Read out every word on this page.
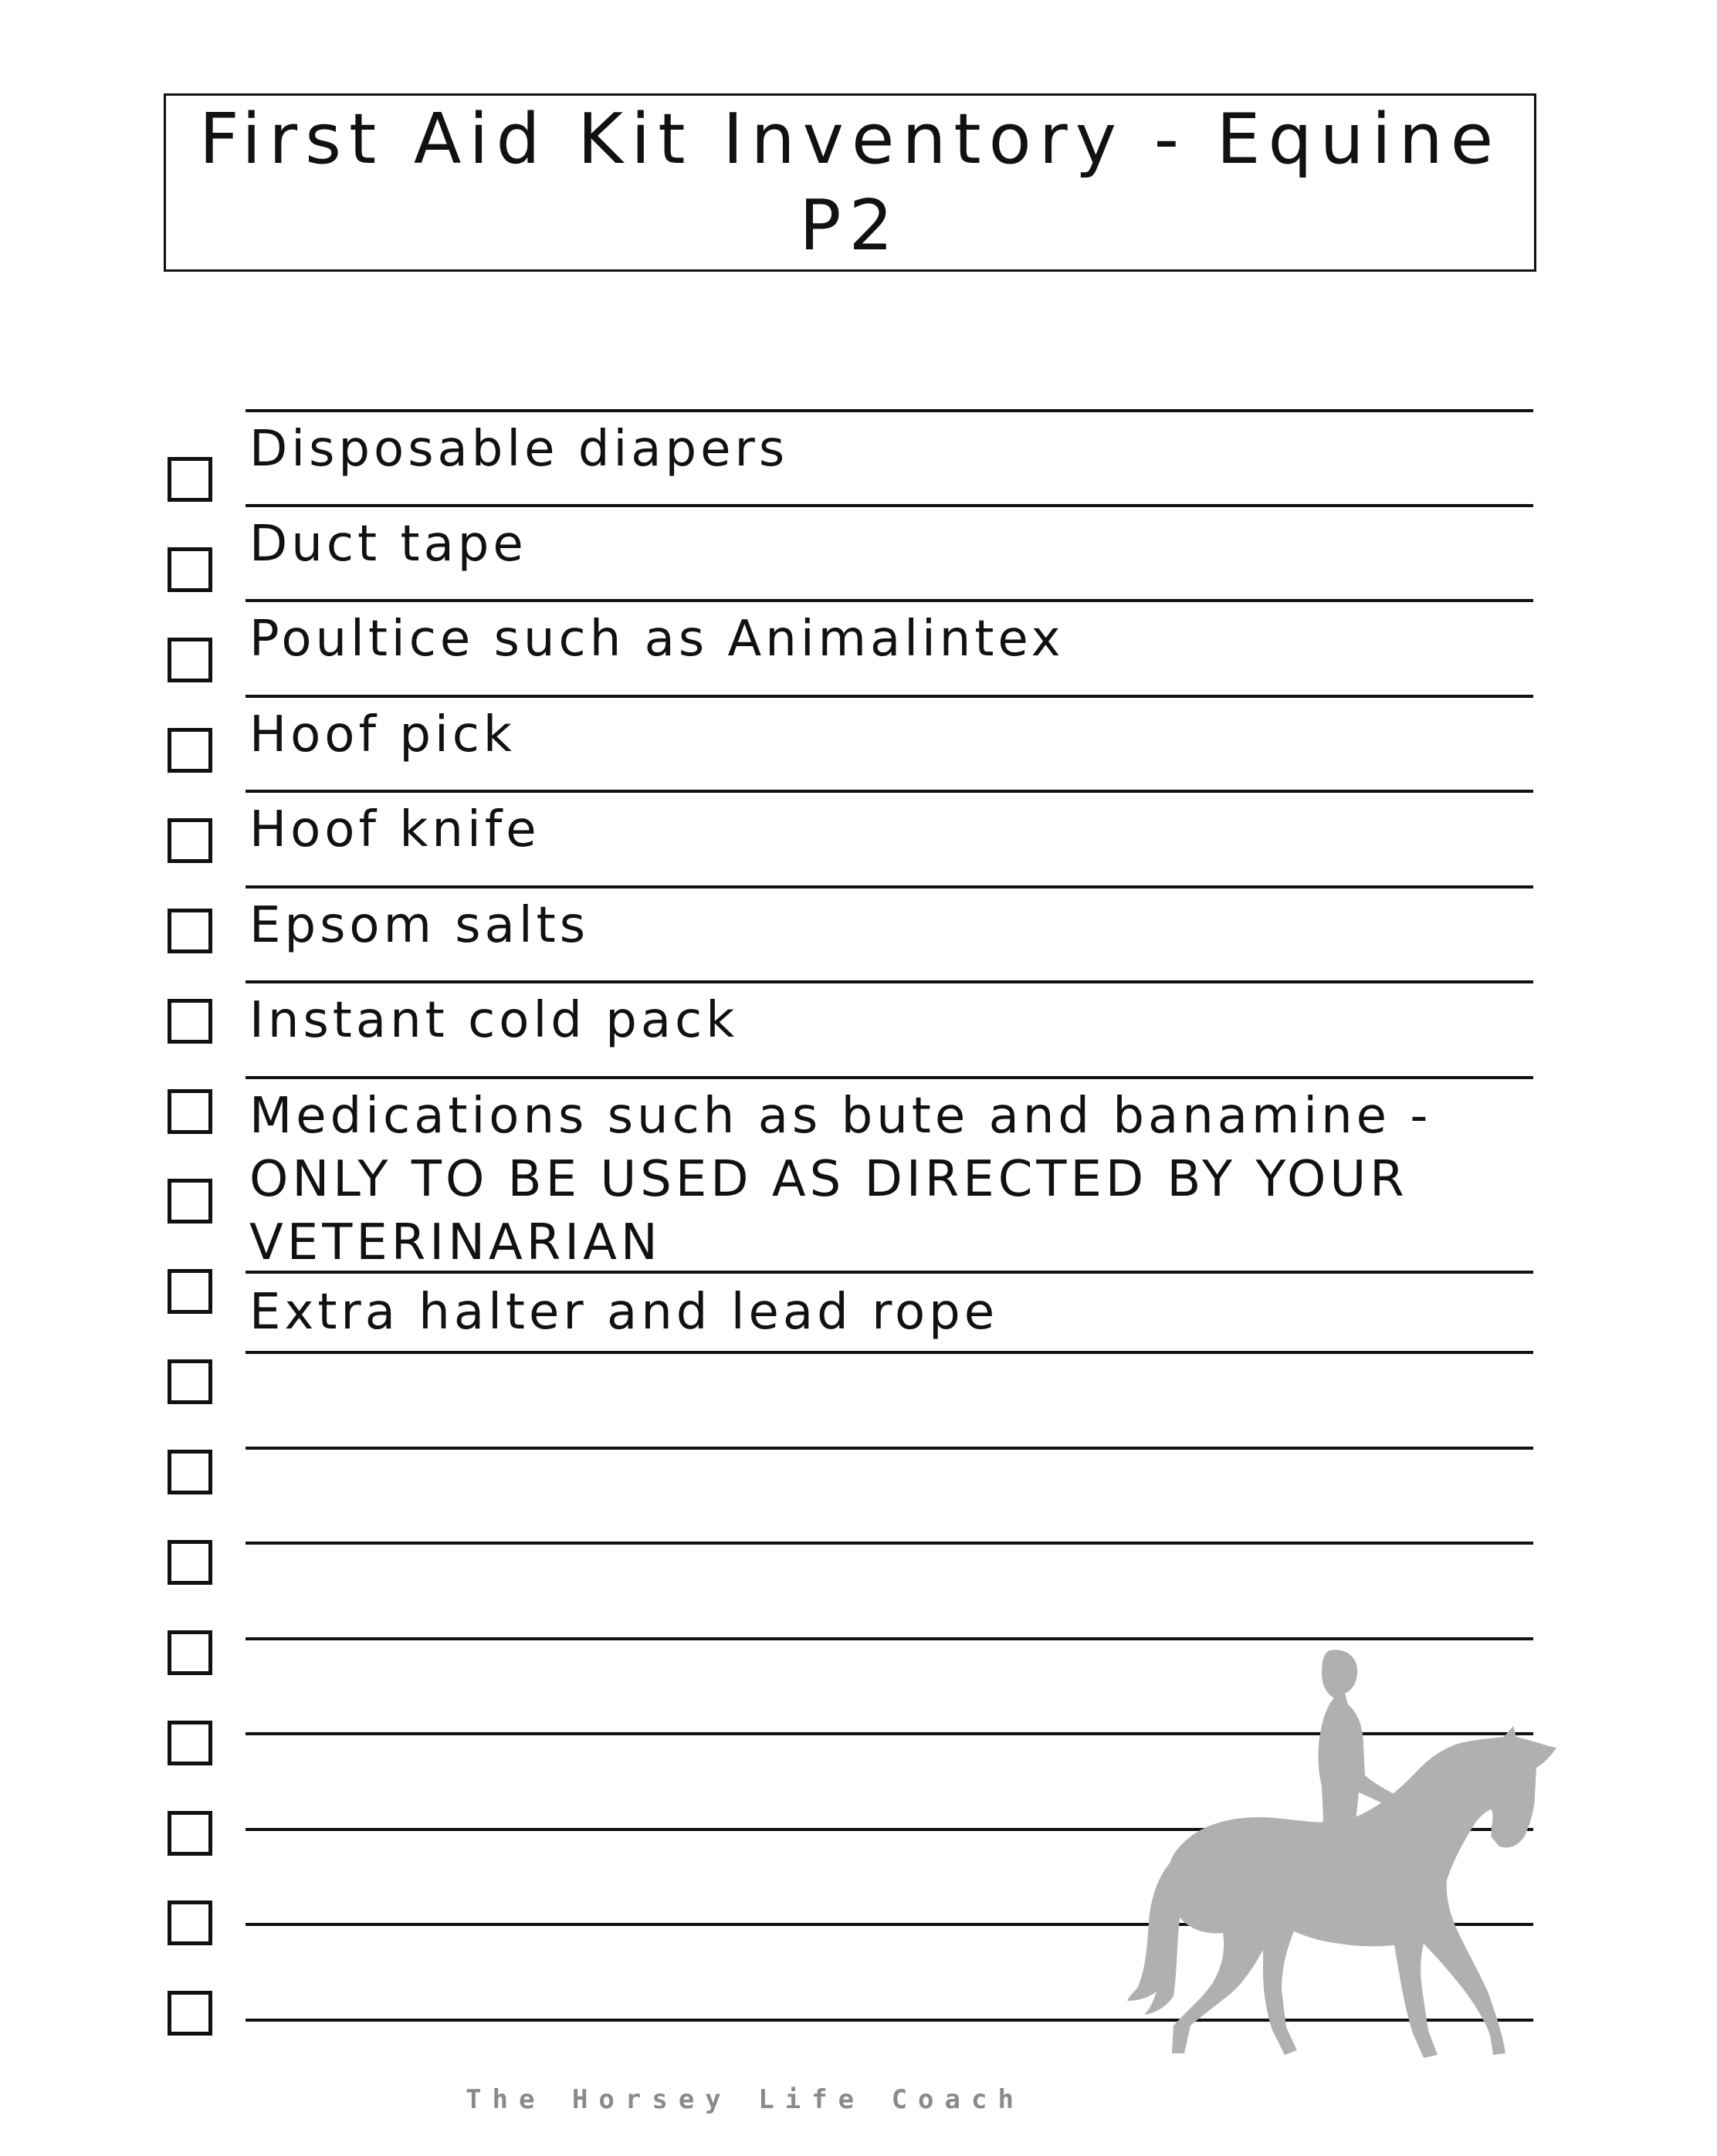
First Aid Kit Inventory - Equine
P2
Disposable diapers
Duct tape
Poultice such as Animalintex
Hoof pick
Hoof knife
Epsom salts
Instant cold pack
Medications such as bute and banamine -
ONLY TO BE USED AS DIRECTED BY YOUR
VETERINARIAN
Extra halter and lead rope
The Horsey Life Coach
